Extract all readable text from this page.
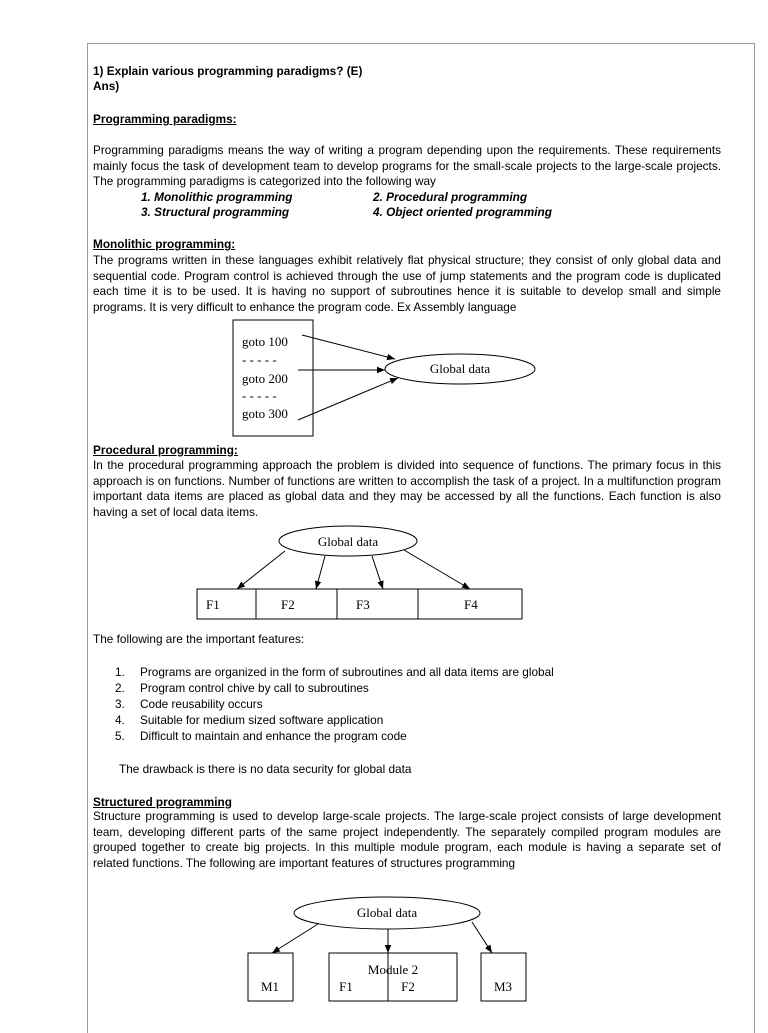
1) Explain various programming paradigms? (E)
Ans)
Programming paradigms:

Programming paradigms means the way of writing a program depending upon the requirements. These requirements mainly focus the task of development team to develop programs for the small-scale projects to the large-scale projects. The programming paradigms is categorized into the following way

1. Monolithic programming	2. Procedural programming
3. Structural programming	4. Object oriented programming
Monolithic programming:

The programs written in these languages exhibit relatively flat physical structure; they consist of only global data and sequential code. Program control is achieved through the use of jump statements and the program code is duplicated each time it is to be used. It is having no support of subroutines hence it is suitable to develop small and simple programs. It is very difficult to enhance the program code. Ex Assembly language

Procedural programming:

In the procedural programming approach the problem is divided into sequence of functions. The primary focus in this approach is on functions. Number of functions are written to accomplish the task of a project. In a multifunction program important data items are placed as global data and they may be accessed by all the functions. Each function is also having a set of local data items.

The following are the important features:
1. Programs are organized in the form of subroutines and all data items are global
2. Program control chive by call to subroutines
3. Code reusability occurs
4. Suitable for medium sized software application
5. Difficult to maintain and enhance the program code
The drawback is there is no data security for global data
Structured programming

Structure programming is used to develop large-scale projects. The large-scale project consists of large development team, developing different parts of the same project independently. The separately compiled program modules are grouped together to create big projects. In this multiple module program, each module is having a separate set of related functions. The following are important features of structures programming

goto 100
- - - - -
goto 200
- - - - -
goto 300
Global data
Global data
F1	F2	F3	F4
Global data
M1
Module 2
F1	F2	M3
